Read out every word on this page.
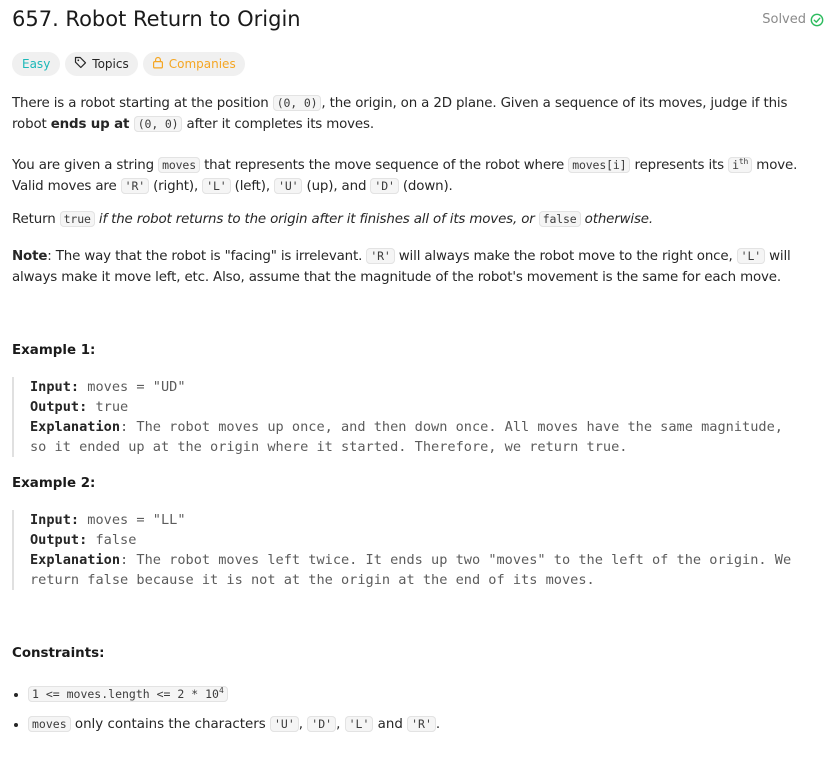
657. Robot Return to Origin	Solved
Easy	Topics	Companies
There is a robot starting at the position (0, 0) , the origin, on a 2D plane. Given a sequence of its moves, judge if this robot ends up at (0, 0) after it completes its moves.
You are given a string moves that represents the move sequence of the robot where moves[i] represents its $i^{th}$ move. Valid moves are 'R' (right), 'L' (left), 'U' (up), and 'D' (down).
Return true if the robot returns to the origin after it finishes all of its moves, or false otherwise.
Note: The way that the robot is "facing" is irrelevant. 'R' will always make the robot move to the right once, 'L' will always make it move left, etc. Also, assume that the magnitude of the robot's movement is the same for each move.
Example 1:
Input: moves = "UD"
Output: true
Explanation: The robot moves up once, and then down once. All moves have the same magnitude,
so it ended up at the origin where it started. Therefore, we return true.
Example 2:
Input: moves = "LL"
Output: false
Explanation: The robot moves left twice. It ends up two "moves" to the left of the origin. We
return false because it is not at the origin at the end of its moves.
Constraints:
• 1 <= moves.length <= $2 * 10^4$
• moves only contains the characters 'U' , 'D' , 'L' and 'R' .
